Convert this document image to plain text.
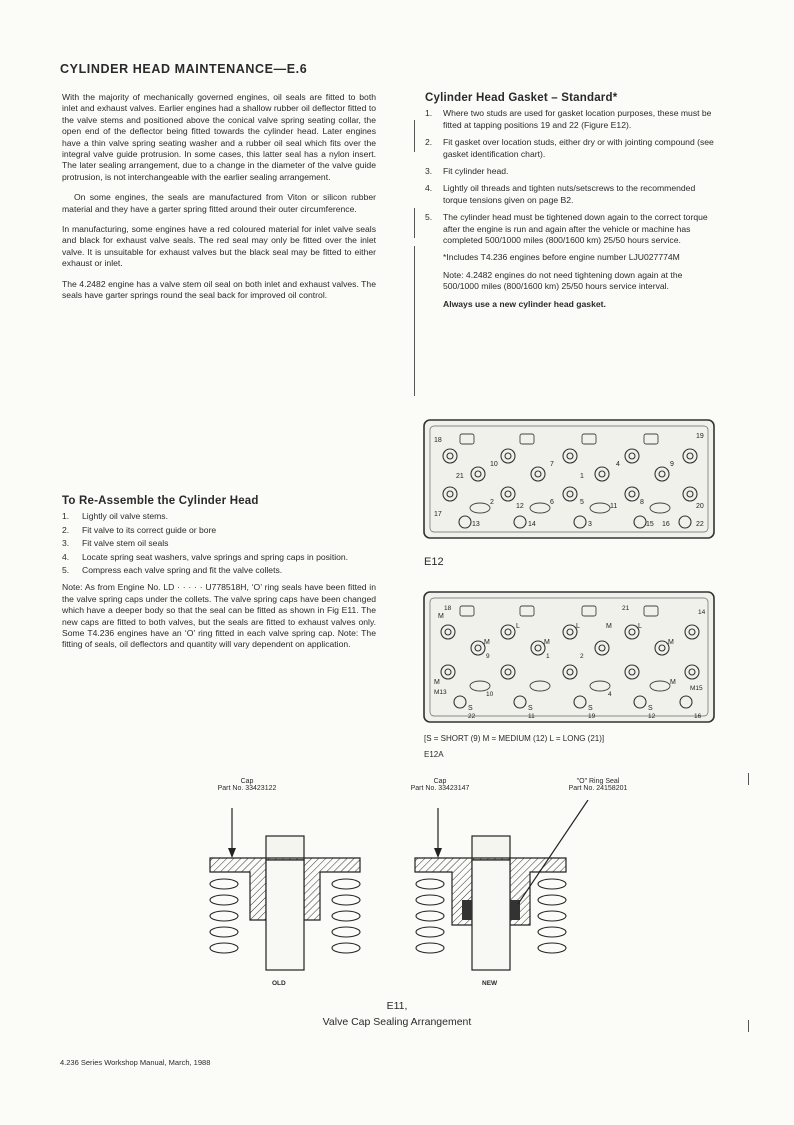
CYLINDER HEAD MAINTENANCE—E.6

With the majority of mechanically governed engines, oil seals are fitted to both inlet and exhaust valves. Earlier engines had a shallow rubber oil deflector fitted to the valve stems and positioned above the conical valve spring seating collar, the open end of the deflector being fitted towards the cylinder head. Later engines have a thin valve spring seating washer and a rubber oil seal which fits over the integral valve guide protrusion. In some cases, this latter seal has a nylon insert. The later sealing arrangement, due to a change in the diameter of the valve guide protrusion, is not interchangeable with the earlier sealing arrangement.

On some engines, the seals are manufactured from Viton or silicon rubber material and they have a garter spring fitted around their outer circumference.

In manufacturing, some engines have a red coloured material for inlet valve seals and black for exhaust valve seals. The red seal may only be fitted over the inlet valve. It is unsuitable for exhaust valves but the black seal may be fitted to either exhaust or inlet.

The 4.2482 engine has a valve stem oil seal on both inlet and exhaust valves. The seals have garter springs round the seal back for improved oil control.

Cylinder Head Gasket – Standard*
1. Where two studs are used for gasket location purposes, these must be fitted at tapping positions 19 and 22 (Figure E12).
2. Fit gasket over location studs, either dry or with jointing compound (see gasket identification chart).
3. Fit cylinder head.
4. Lightly oil threads and tighten nuts/setscrews to the recommended torque tensions given on page B2.
5. The cylinder head must be tightened down again to the correct torque after the engine is run and again after the vehicle or machine has completed 500/1000 miles (800/1600 km) 25/50 hours service.
*Includes T4.236 engines before engine number LJU027774M
Note: 4.2482 engines do not need tightening down again at the 500/1000 miles (800/1600 km) 25/50 hours service interval.
Always use a new cylinder head gasket.
To Re-Assemble the Cylinder Head
1. Lightly oil valve stems.
2. Fit valve to its correct guide or bore
3. Fit valve stem oil seals
4. Locate spring seat washers, valve springs and spring caps in position.
5. Compress each valve spring and fit the valve collets.
Note: As from Engine No. LD · · · · · U778518H, ‘O’ ring seals have been fitted in the valve spring caps under the collets. The valve spring caps have been changed which have a deeper body so that the seal can be fitted as shown in Fig E11. The new caps are fitted to both valves, but the seals are fitted to exhaust valves only. Some T4.236 engines have an ‘O’ ring fitted in each valve spring cap. Note: The fitting of seals, oil deflectors and quantity will vary dependent on application.
17
18
10
2
7
19
13	14
6
3	15 16	22
20
12	11
4	9
1
8
5
21
E12
M
M	M
M
M
M
L	L	L
S	S	S	S
M
18	21
14
9	1
M15
M13
22	11	12	16
19
10	4
2
[S = SHORT (9) M = MEDIUM (12) L = LONG (21)]
E12A
Cap
Part No. 33423122
Cap
Part No. 33423147
"O" Ring Seal
Part No. 24158201
OLD	NEW
E11,
Valve Cap Sealing Arrangement
4.236 Series Workshop Manual, March, 1988
